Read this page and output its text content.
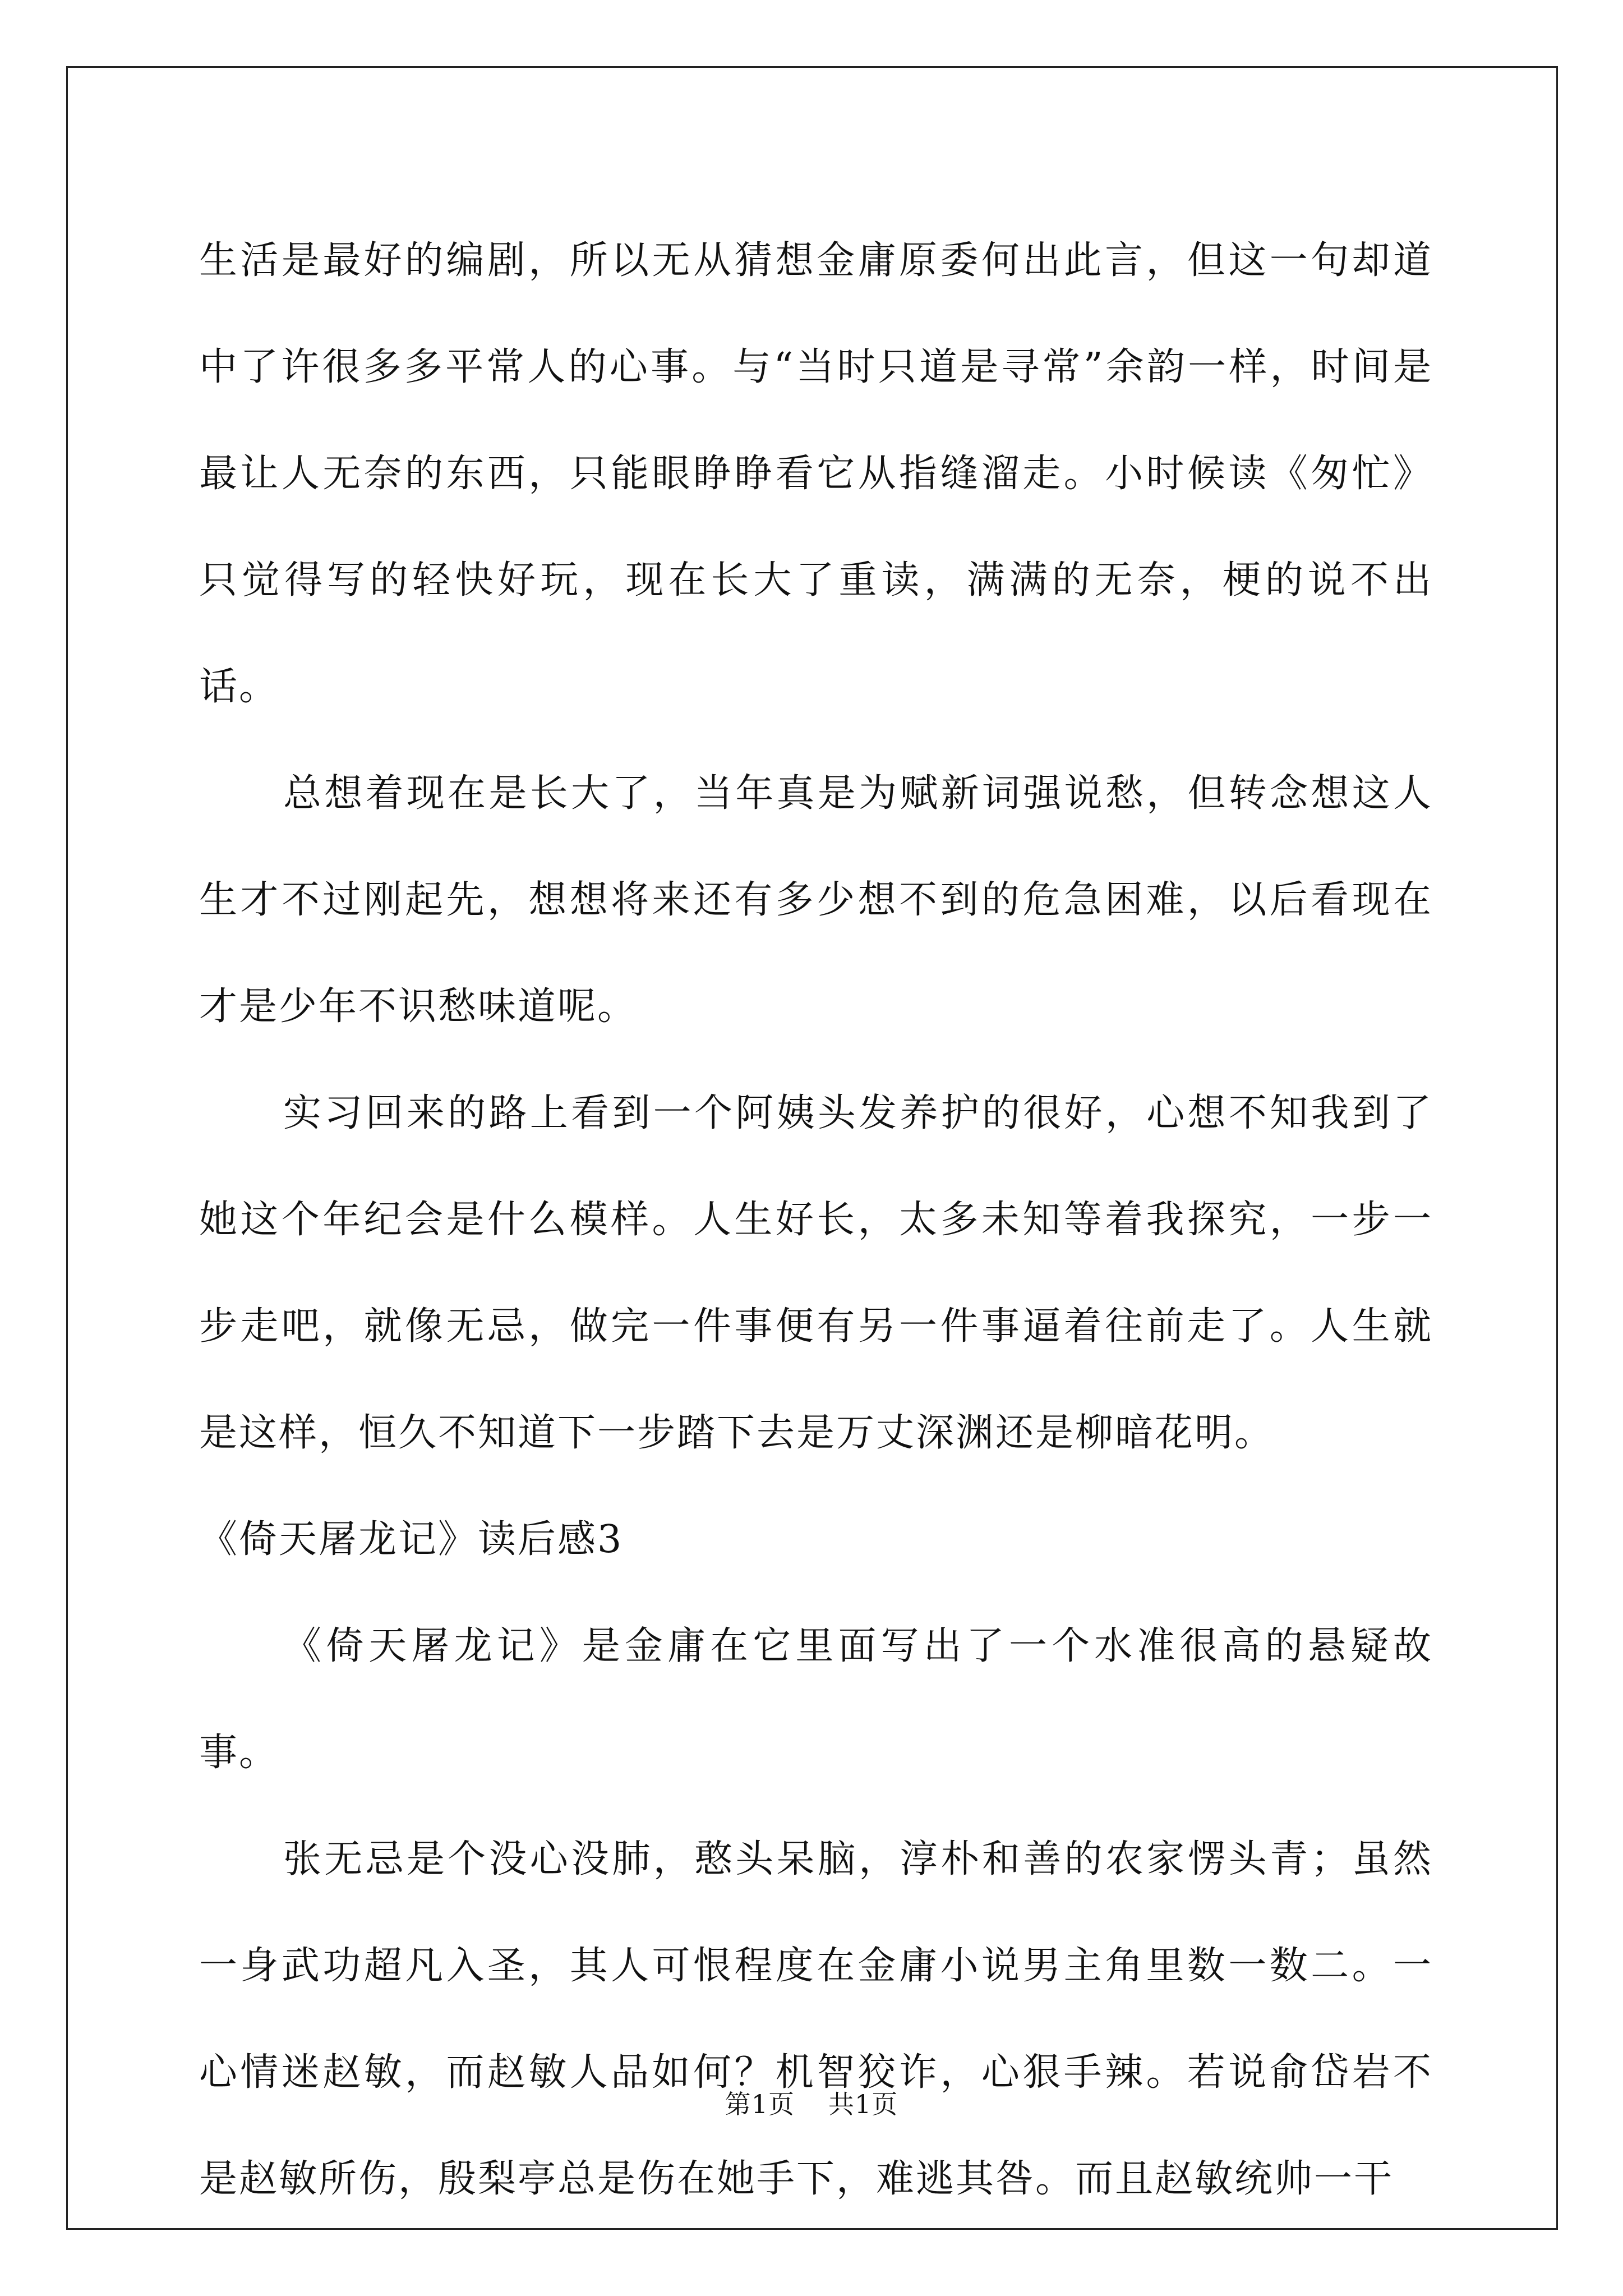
生活是最好的编剧，所以无从猜想金庸原委何出此言，但这一句却道中了许很多多平常人的心事。与“当时只道是寻常”余韵一样，时间是最让人无奈的东西，只能眼睁睁看它从指缝溜走。小时候读《匆忙》只觉得写的轻快好玩，现在长大了重读，满满的无奈，梗的说不出话。

总想着现在是长大了，当年真是为赋新词强说愁，但转念想这人生才不过刚起先，想想将来还有多少想不到的危急困难，以后看现在才是少年不识愁味道呢。

实习回来的路上看到一个阿姨头发养护的很好，心想不知我到了她这个年纪会是什么模样。人生好长，太多未知等着我探究，一步一步走吧，就像无忌，做完一件事便有另一件事逼着往前走了。人生就是这样，恒久不知道下一步踏下去是万丈深渊还是柳暗花明。

《倚天屠龙记》读后感3

《倚天屠龙记》是金庸在它里面写出了一个水准很高的悬疑故事。

张无忌是个没心没肺，憨头呆脑，淳朴和善的农家愣头青；虽然一身武功超凡入圣，其人可恨程度在金庸小说男主角里数一数二。一心情迷赵敏，而赵敏人品如何？机智狡诈，心狠手辣。若说俞岱岩不是赵敏所伤，殷梨亭总是伤在她手下，难逃其咎。而且赵敏统帅一干

第1页 共1页
